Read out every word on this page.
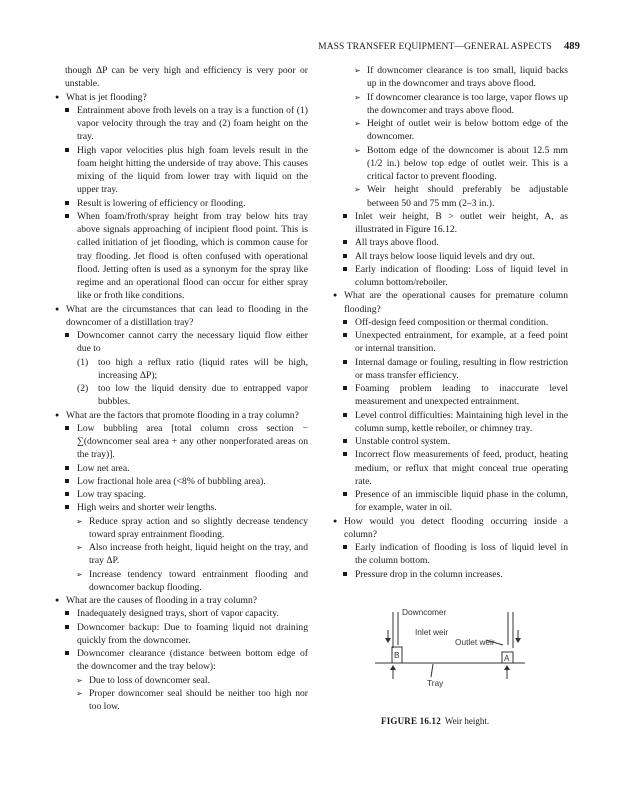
MASS TRANSFER EQUIPMENT—GENERAL ASPECTS 489
though ΔP can be very high and efficiency is very poor or unstable.
● What is jet flooding?
Entrainment above froth levels on a tray is a function of (1) vapor velocity through the tray and (2) foam height on the tray.
High vapor velocities plus high foam levels result in the foam height hitting the underside of tray above. This causes mixing of the liquid from lower tray with liquid on the upper tray.
Result is lowering of efficiency or flooding.
When foam/froth/spray height from tray below hits tray above signals approaching of incipient flood point. This is called initiation of jet flooding, which is common cause for tray flooding. Jet flood is often confused with operational flood. Jetting often is used as a synonym for the spray like regime and an operational flood can occur for either spray like or froth like conditions.
● What are the circumstances that can lead to flooding in the downcomer of a distillation tray?
Downcomer cannot carry the necessary liquid flow either due to
(1) too high a reflux ratio (liquid rates will be high, increasing ΔP);
(2) too low the liquid density due to entrapped vapor bubbles.
● What are the factors that promote flooding in a tray column?
Low bubbling area [total column cross section − ∑(downcomer seal area + any other nonperforated areas on the tray)].
Low net area.
Low fractional hole area (<8% of bubbling area).
Low tray spacing.
High weirs and shorter weir lengths.
➢ Reduce spray action and so slightly decrease tendency toward spray entrainment flooding.
➢ Also increase froth height, liquid height on the tray, and tray ΔP.
➢ Increase tendency toward entrainment flooding and downcomer backup flooding.
● What are the causes of flooding in a tray column?
Inadequately designed trays, short of vapor capacity.
Downcomer backup: Due to foaming liquid not draining quickly from the downcomer.
Downcomer clearance (distance between bottom edge of the downcomer and the tray below):
➢ Due to loss of downcomer seal.
➢ Proper downcomer seal should be neither too high nor too low.
➢ If downcomer clearance is too small, liquid backs up in the downcomer and trays above flood.
➢ If downcomer clearance is too large, vapor flows up the downcomer and trays above flood.
➢ Height of outlet weir is below bottom edge of the downcomer.
➢ Bottom edge of the downcomer is about 12.5 mm (1/2 in.) below top edge of outlet weir. This is a critical factor to prevent flooding.
➢ Weir height should preferably be adjustable between 50 and 75 mm (2–3 in.).
Inlet weir height, B > outlet weir height, A, as illustrated in Figure 16.12.
All trays above flood.
All trays below loose liquid levels and dry out.
Early indication of flooding: Loss of liquid level in column bottom/reboiler.
● What are the operational causes for premature column flooding?
Off-design feed composition or thermal condition.
Unexpected entrainment, for example, at a feed point or internal transition.
Internal damage or fouling, resulting in flow restriction or mass transfer efficiency.
Foaming problem leading to inaccurate level measurement and unexpected entrainment.
Level control difficulties: Maintaining high level in the column sump, kettle reboiler, or chimney tray.
Unstable control system.
Incorrect flow measurements of feed, product, heating medium, or reflux that might conceal true operating rate.
Presence of an immiscible liquid phase in the column, for example, water in oil.
● How would you detect flooding occurring inside a column?
Early indication of flooding is loss of liquid level in the column bottom.
Pressure drop in the column increases.
Downcomer
Inlet weir
Outlet weir
B	A
Tray
FIGURE 16.12 Weir height.
